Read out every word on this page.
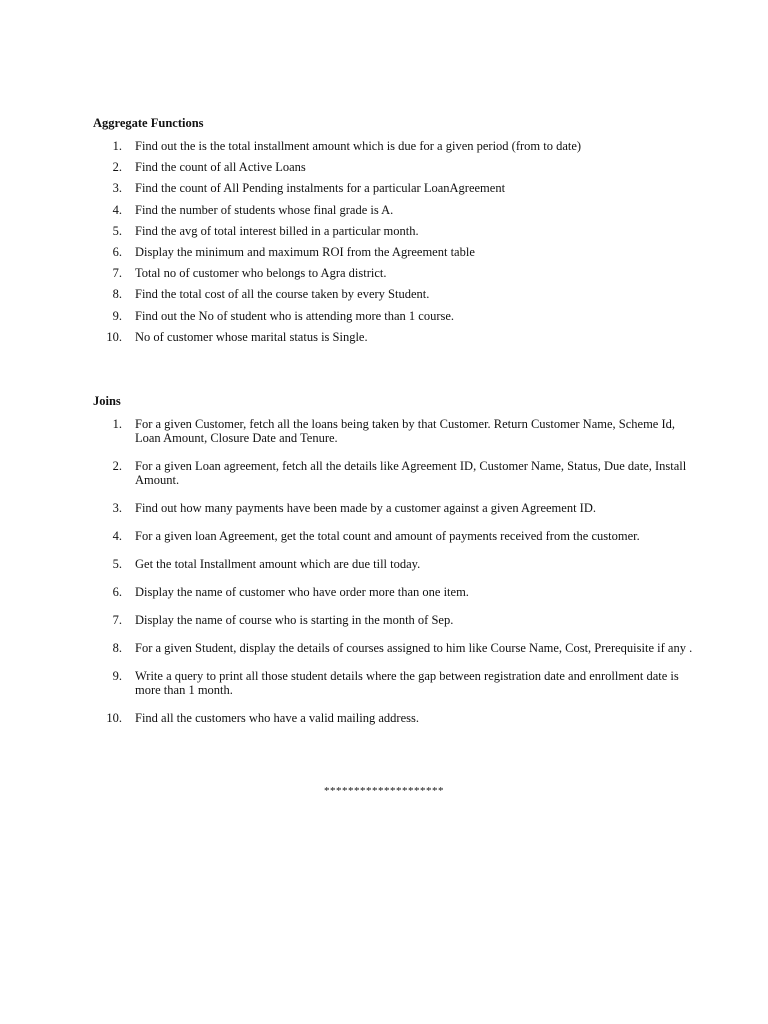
Aggregate Functions
1. Find out the is the total installment amount which is due for a given period (from to date)
2. Find the count of all Active Loans
3. Find the count of All Pending instalments for a particular LoanAgreement
4. Find the number of students whose final grade is A.
5. Find the avg of total interest billed in a particular month.
6. Display the minimum and maximum ROI from the Agreement table
7. Total no of customer who belongs to Agra district.
8. Find the total cost of all the course taken by every Student.
9. Find out the No of student who is attending more than 1 course.
10. No of customer whose marital status is Single.
Joins
1. For a given Customer, fetch all the loans being taken by that Customer. Return Customer Name, Scheme Id, Loan Amount, Closure Date and Tenure.
2. For a given Loan agreement, fetch all the details like Agreement ID, Customer Name, Status, Due date, Install Amount.
3. Find out how many payments have been made by a customer against a given Agreement ID.
4. For a given loan Agreement, get the total count and amount of payments received from the customer.
5. Get the total Installment amount which are due till today.
6. Display the name of customer who have order more than one item.
7. Display the name of course who is starting in the month of Sep.
8. For a given Student, display the details of courses assigned to him like Course Name, Cost, Prerequisite if any .
9. Write a query to print all those student details where the gap between registration date and enrollment date is more than 1 month.
10. Find all the customers who have a valid mailing address.
********************
